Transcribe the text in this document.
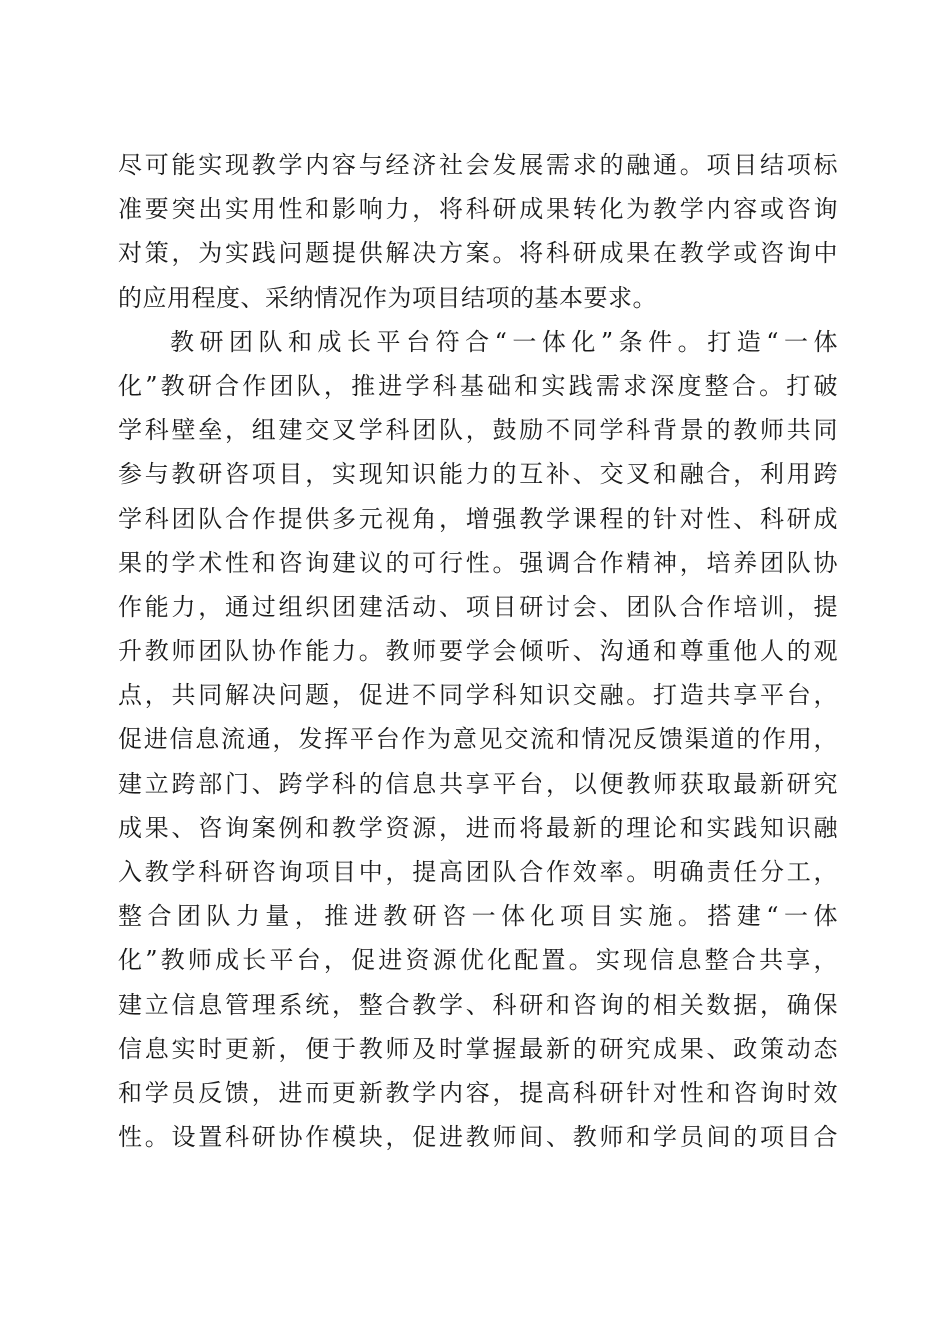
尽可能实现教学内容与经济社会发展需求的融通。项目结项标
准要突出实用性和影响力，将科研成果转化为教学内容或咨询
对策，为实践问题提供解决方案。将科研成果在教学或咨询中
的应用程度、采纳情况作为项目结项的基本要求。
教研团队和成长平台符合“一体化”条件。打造“一体
化”教研合作团队，推进学科基础和实践需求深度整合。打破
学科壁垒，组建交叉学科团队，鼓励不同学科背景的教师共同
参与教研咨项目，实现知识能力的互补、交叉和融合，利用跨
学科团队合作提供多元视角，增强教学课程的针对性、科研成
果的学术性和咨询建议的可行性。强调合作精神，培养团队协
作能力，通过组织团建活动、项目研讨会、团队合作培训，提
升教师团队协作能力。教师要学会倾听、沟通和尊重他人的观
点，共同解决问题，促进不同学科知识交融。打造共享平台，
促进信息流通，发挥平台作为意见交流和情况反馈渠道的作用，
建立跨部门、跨学科的信息共享平台，以便教师获取最新研究
成果、咨询案例和教学资源，进而将最新的理论和实践知识融
入教学科研咨询项目中，提高团队合作效率。明确责任分工，
整合团队力量，推进教研咨一体化项目实施。搭建“一体
化”教师成长平台，促进资源优化配置。实现信息整合共享，
建立信息管理系统，整合教学、科研和咨询的相关数据，确保
信息实时更新，便于教师及时掌握最新的研究成果、政策动态
和学员反馈，进而更新教学内容，提高科研针对性和咨询时效
性。设置科研协作模块，促进教师间、教师和学员间的项目合
